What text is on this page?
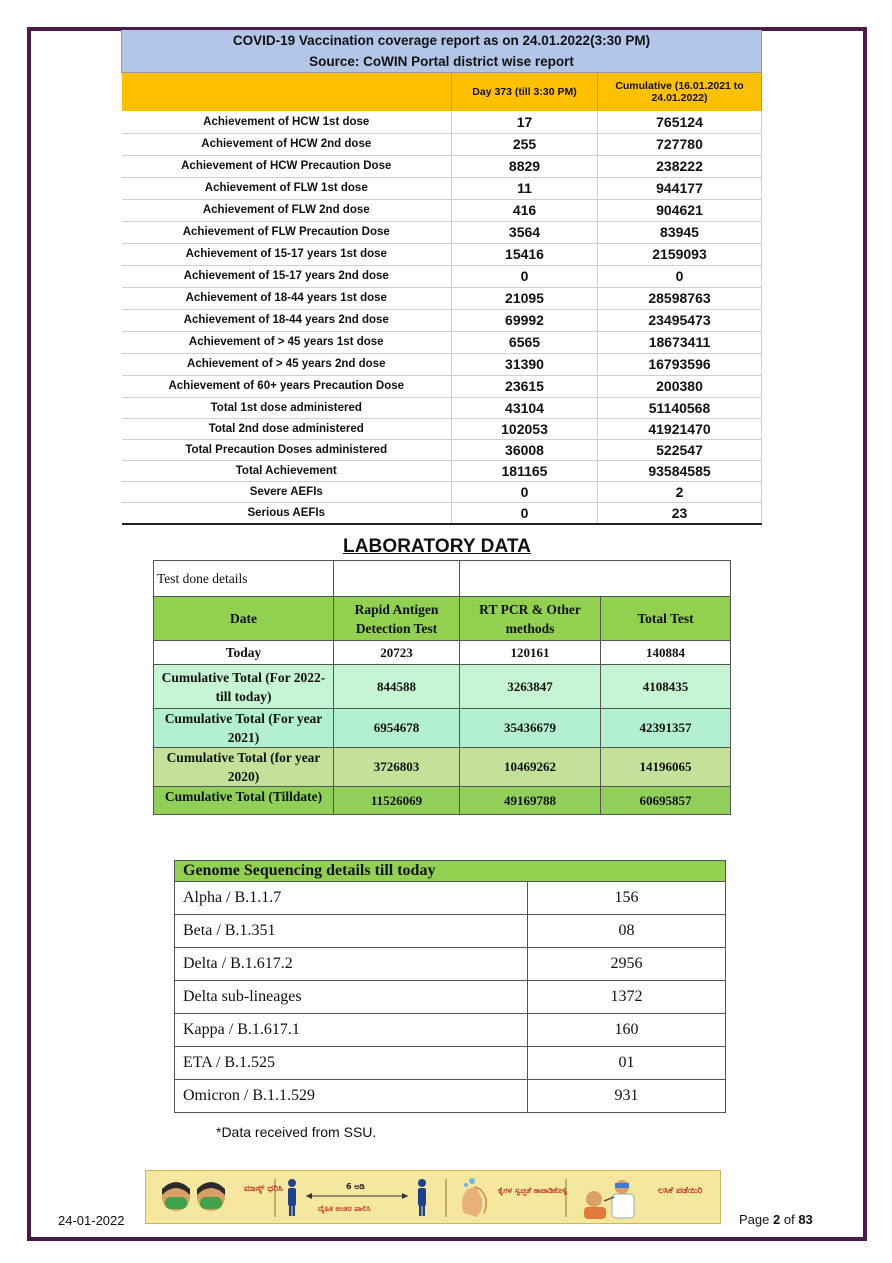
COVID-19 Vaccination coverage report as on 24.01.2022(3:30 PM)		
Source: CoWIN Portal district wise report		
	Day 373 (till 3:30 PM)	Cumulative (16.01.2021 to 24.01.2022)
Achievement of HCW 1st dose	17	765124
Achievement of HCW 2nd dose	255	727780
Achievement of HCW Precaution Dose	8829	238222
Achievement of FLW 1st dose	11	944177
Achievement of FLW 2nd dose	416	904621
Achievement of FLW Precaution Dose	3564	83945
Achievement of 15-17 years 1st dose	15416	2159093
Achievement of 15-17 years 2nd dose	0	0
Achievement of 18-44 years 1st dose	21095	28598763
Achievement of 18-44 years 2nd dose	69992	23495473
Achievement of > 45 years 1st dose	6565	18673411
Achievement of > 45 years 2nd dose	31390	16793596
Achievement of 60+ years Precaution Dose	23615	200380
Total 1st dose administered	43104	51140568
Total 2nd dose administered	102053	41921470
Total Precaution Doses administered	36008	522547
Total Achievement	181165	93584585
Severe AEFIs	0	2
Serious AEFIs	0	23
LABORATORY DATA
Test done details			
Date	Rapid Antigen Detection Test	RT PCR & Other methods	Total Test
Today	20723	120161	140884
Cumulative Total (For 2022- till today)	844588	3263847	4108435
Cumulative Total (For year 2021)	6954678	35436679	42391357
Cumulative Total (for year 2020)	3726803	10469262	14196065

Cumulative Total (Tilldate)	11526069	49169788	60695857
Genome Sequencing details till today	
Alpha / B.1.1.7	156
Beta / B.1.351	08
Delta / B.1.617.2	2956
Delta sub-lineages	1372
Kappa / B.1.617.1	160
ETA / B.1.525	01
Omicron / B.1.1.529	931
*Data received from SSU.
ಮಾಸ್ಕ್ ಧರಿಸಿ	6 ಅಡಿ
ದೈಹಿಕ ಅಂತರ ಪಾಲಿಸಿ
ಕೈಗಳ ಸ್ವಚ್ಛತೆ ಕಾಪಾಡಿಕೊಳ್ಳಿ	ಲಸಿಕೆ ಪಡೆಯಿರಿ
24-01-2022	Page 2 of 83
